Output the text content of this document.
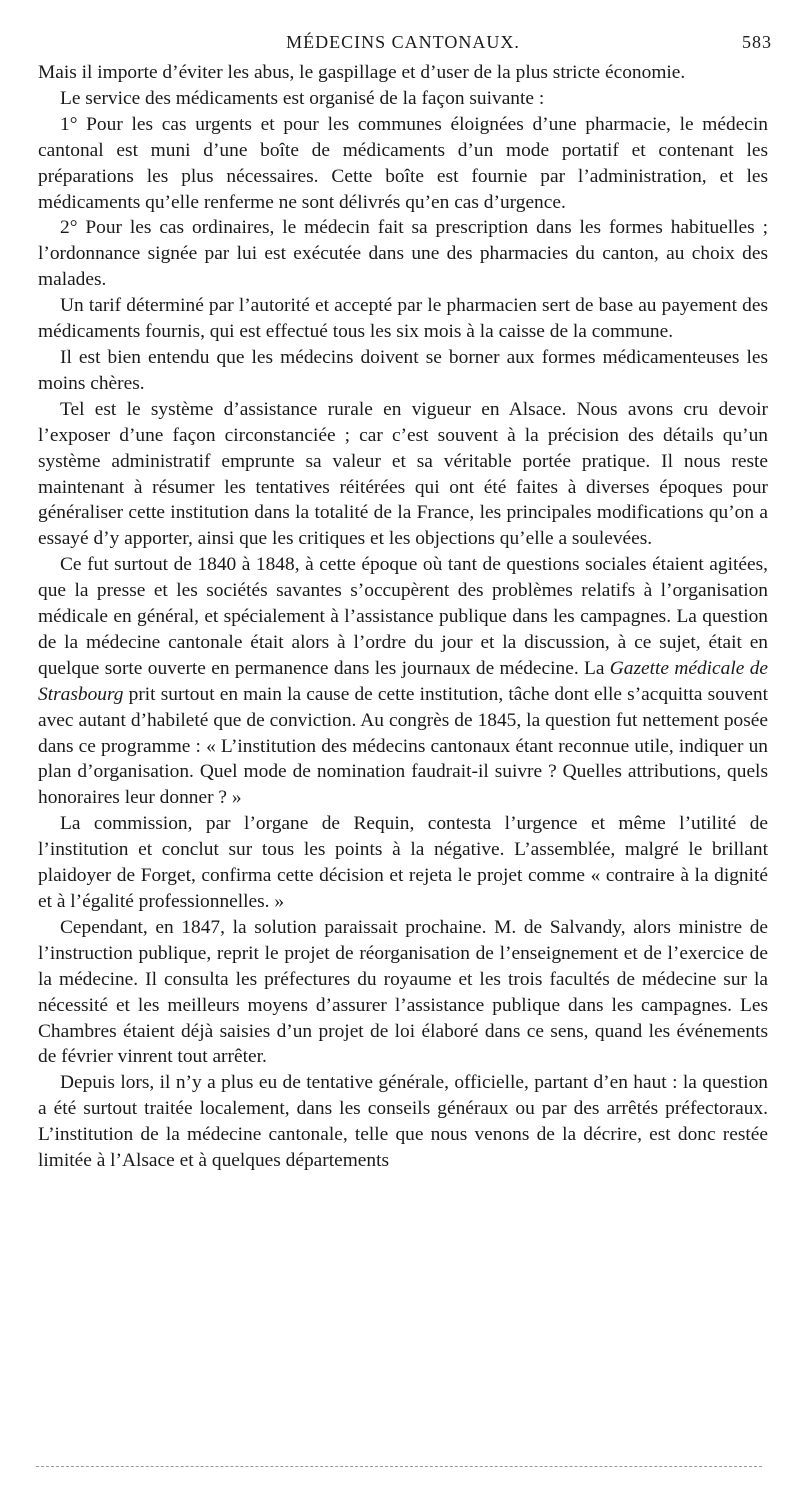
MÉDECINS CANTONAUX.	583

Mais il importe d’éviter les abus, le gaspillage et d’user de la plus stricte économie.

Le service des médicaments est organisé de la façon suivante :

1° Pour les cas urgents et pour les communes éloignées d’une pharmacie, le médecin cantonal est muni d’une boîte de médicaments d’un mode portatif et contenant les préparations les plus nécessaires. Cette boîte est fournie par l’administration, et les médicaments qu’elle renferme ne sont délivrés qu’en cas d’urgence.

2° Pour les cas ordinaires, le médecin fait sa prescription dans les formes habituelles ; l’ordonnance signée par lui est exécutée dans une des pharmacies du canton, au choix des malades.

Un tarif déterminé par l’autorité et accepté par le pharmacien sert de base au payement des médicaments fournis, qui est effectué tous les six mois à la caisse de la commune.

Il est bien entendu que les médecins doivent se borner aux formes médicamenteuses les moins chères.

Tel est le système d’assistance rurale en vigueur en Alsace. Nous avons cru devoir l’exposer d’une façon circonstanciée ; car c’est souvent à la précision des détails qu’un système administratif emprunte sa valeur et sa véritable portée pratique. Il nous reste maintenant à résumer les tentatives réitérées qui ont été faites à diverses époques pour généraliser cette institution dans la totalité de la France, les principales modifications qu’on a essayé d’y apporter, ainsi que les critiques et les objections qu’elle a soulevées.

Ce fut surtout de 1840 à 1848, à cette époque où tant de questions sociales étaient agitées, que la presse et les sociétés savantes s’occupèrent des problèmes relatifs à l’organisation médicale en général, et spécialement à l’assistance publique dans les campagnes. La question de la médecine cantonale était alors à l’ordre du jour et la discussion, à ce sujet, était en quelque sorte ouverte en permanence dans les journaux de médecine. La Gazette médicale de Strasbourg prit surtout en main la cause de cette institution, tâche dont elle s’acquitta souvent avec autant d’habileté que de conviction. Au congrès de 1845, la question fut nettement posée dans ce programme : « L’institution des médecins cantonaux étant reconnue utile, indiquer un plan d’organisation. Quel mode de nomination faudrait-il suivre ? Quelles attributions, quels honoraires leur donner ? »

La commission, par l’organe de Requin, contesta l’urgence et même l’utilité de l’institution et conclut sur tous les points à la négative. L’assemblée, malgré le brillant plaidoyer de Forget, confirma cette décision et rejeta le projet comme « contraire à la dignité et à l’égalité professionnelles. »

Cependant, en 1847, la solution paraissait prochaine. M. de Salvandy, alors ministre de l’instruction publique, reprit le projet de réorganisation de l’enseignement et de l’exercice de la médecine. Il consulta les préfectures du royaume et les trois facultés de médecine sur la nécessité et les meilleurs moyens d’assurer l’assistance publique dans les campagnes. Les Chambres étaient déjà saisies d’un projet de loi élaboré dans ce sens, quand les événements de février vinrent tout arrêter.

Depuis lors, il n’y a plus eu de tentative générale, officielle, partant d’en haut : la question a été surtout traitée localement, dans les conseils généraux ou par des arrêtés préfectoraux. L’institution de la médecine cantonale, telle que nous venons de la décrire, est donc restée limitée à l’Alsace et à quelques départements
